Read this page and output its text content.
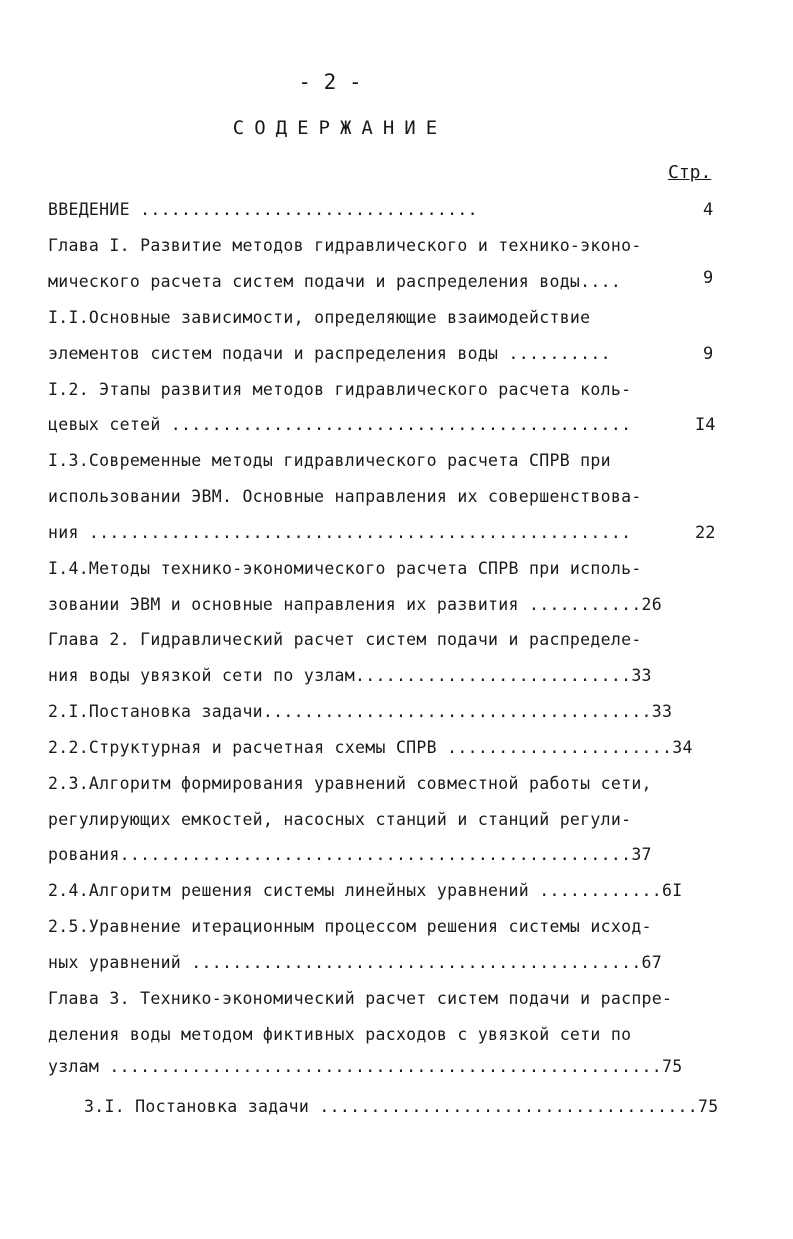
- 2 -
СОДЕРЖАНИЕ
Стр.
ВВЕДЕНИЕ .................................	4
Глава I. Развитие методов гидравлического и технико-эконо-
мического расчета систем подачи и распределения воды....	9
I.I.Основные зависимости, определяющие взаимодействие
элементов систем подачи и распределения воды ..........	9
I.2. Этапы развития методов гидравлического расчета коль-
цевых сетей .............................................	I4
I.3.Современные методы гидравлического расчета СПРВ при
использовании ЭВМ. Основные направления их совершенствова-
ния .....................................................	22
I.4.Методы технико-экономического расчета СПРВ при исполь-
зовании ЭВМ и основные направления их развития ...........26
Глава 2. Гидравлический расчет систем подачи и распределе-
ния воды увязкой сети по узлам...........................33
2.I.Постановка задачи......................................33
2.2.Структурная и расчетная схемы СПРВ ......................34
2.3.Алгоритм формирования уравнений совместной работы сети,
регулирующих емкостей, насосных станций и станций регули-
рования..................................................37
2.4.Алгоритм решения системы линейных уравнений ............6I
2.5.Уравнение итерационным процессом решения системы исход-
ных уравнений ............................................67
Глава 3. Технико-экономический расчет систем подачи и распре-
деления воды методом фиктивных расходов с увязкой сети по
узлам ......................................................75
3.I. Постановка задачи .....................................75
